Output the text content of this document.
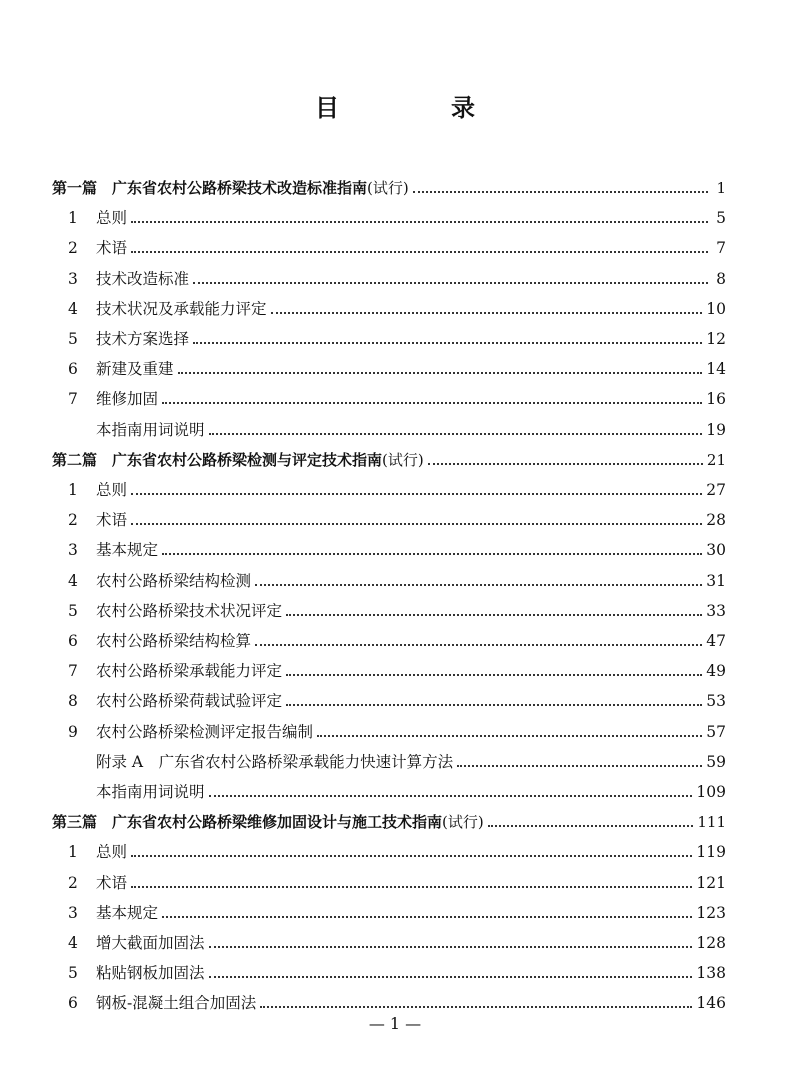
目　录
第一篇　广东省农村公路桥梁技术改造标准指南 (试行)	1
1	总则	5
2	术语	7
3	技术改造标准	8
4	技术状况及承载能力评定	10
5	技术方案选择	12
6	新建及重建	14
7	维修加固	16
本指南用词说明	19
第二篇　广东省农村公路桥梁检测与评定技术指南 (试行)	21
1	总则	27
2	术语	28
3	基本规定	30
4	农村公路桥梁结构检测	31
5	农村公路桥梁技术状况评定	33
6	农村公路桥梁结构检算	47
7	农村公路桥梁承载能力评定	49
8	农村公路桥梁荷载试验评定	53
9	农村公路桥梁检测评定报告编制	57
附录 A　广东省农村公路桥梁承载能力快速计算方法	59
本指南用词说明	109
第三篇　广东省农村公路桥梁维修加固设计与施工技术指南 (试行)	111
1	总则	119
2	术语	121
3	基本规定	123
4	增大截面加固法	128
5	粘贴钢板加固法	138
6	钢板-混凝土组合加固法	146
— 1 —
